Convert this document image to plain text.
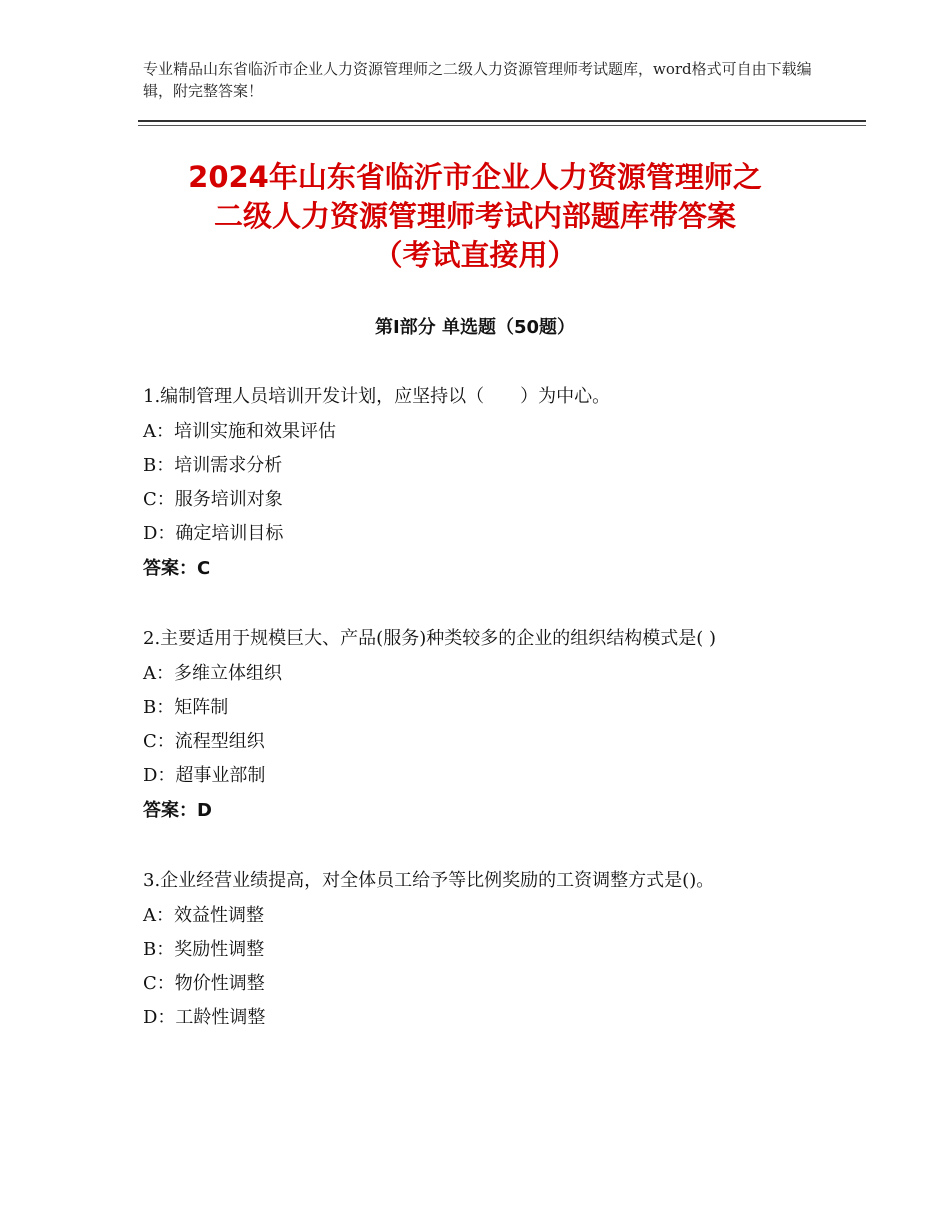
专业精品山东省临沂市企业人力资源管理师之二级人力资源管理师考试题库，word格式可自由下载编辑，附完整答案！
2024年山东省临沂市企业人力资源管理师之
二级人力资源管理师考试内部题库带答案
（考试直接用）
第Ⅰ部分 单选题（50题）

1.编制管理人员培训开发计划，应坚持以（　　）为中心。

A：培训实施和效果评估

B：培训需求分析

C：服务培训对象

D：确定培训目标

答案：C

2.主要适用于规模巨大、产品(服务)种类较多的企业的组织结构模式是( )

A：多维立体组织

B：矩阵制

C：流程型组织

D：超事业部制

答案：D

3.企业经营业绩提高，对全体员工给予等比例奖励的工资调整方式是()。

A：效益性调整

B：奖励性调整

C：物价性调整

D：工龄性调整
